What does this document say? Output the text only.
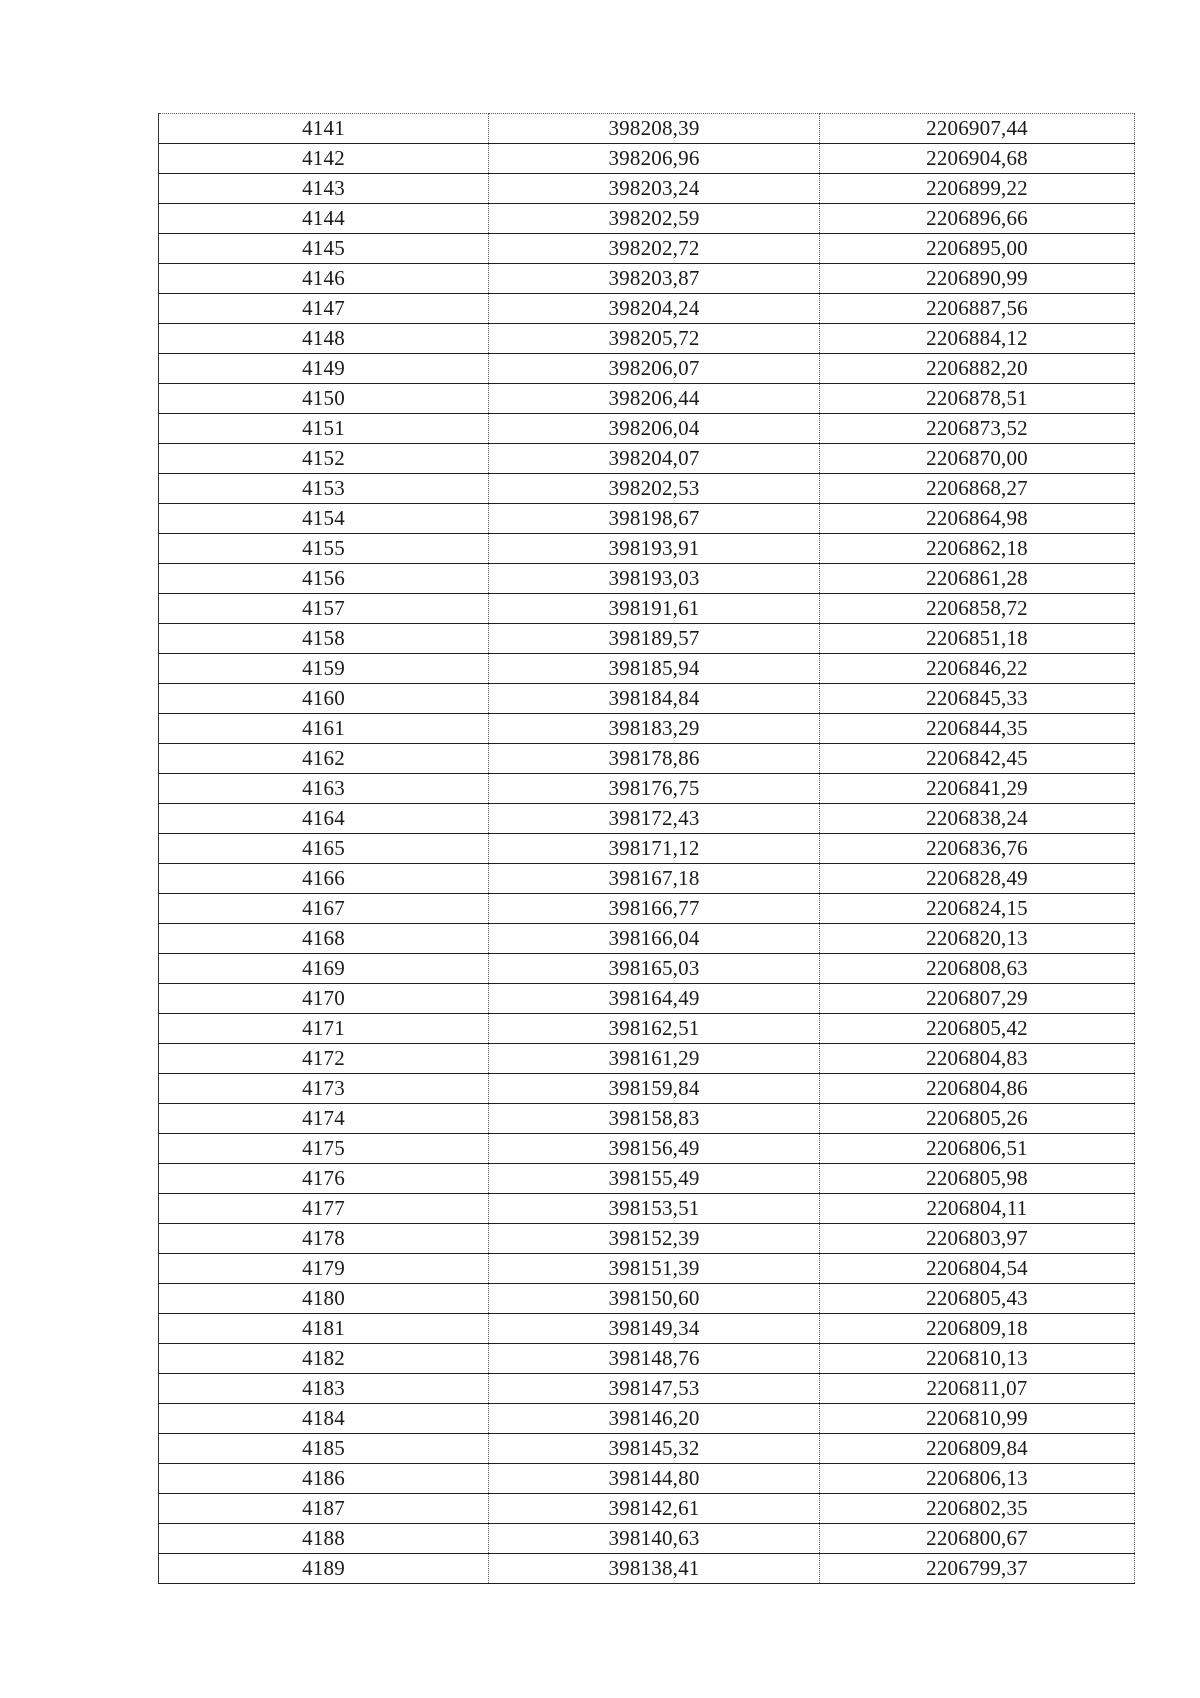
4141	398208,39	2206907,44
4142	398206,96	2206904,68
4143	398203,24	2206899,22
4144	398202,59	2206896,66
4145	398202,72	2206895,00
4146	398203,87	2206890,99
4147	398204,24	2206887,56
4148	398205,72	2206884,12
4149	398206,07	2206882,20
4150	398206,44	2206878,51
4151	398206,04	2206873,52
4152	398204,07	2206870,00
4153	398202,53	2206868,27
4154	398198,67	2206864,98
4155	398193,91	2206862,18
4156	398193,03	2206861,28
4157	398191,61	2206858,72
4158	398189,57	2206851,18
4159	398185,94	2206846,22
4160	398184,84	2206845,33
4161	398183,29	2206844,35
4162	398178,86	2206842,45
4163	398176,75	2206841,29
4164	398172,43	2206838,24
4165	398171,12	2206836,76
4166	398167,18	2206828,49
4167	398166,77	2206824,15
4168	398166,04	2206820,13
4169	398165,03	2206808,63
4170	398164,49	2206807,29
4171	398162,51	2206805,42
4172	398161,29	2206804,83
4173	398159,84	2206804,86
4174	398158,83	2206805,26
4175	398156,49	2206806,51
4176	398155,49	2206805,98
4177	398153,51	2206804,11
4178	398152,39	2206803,97
4179	398151,39	2206804,54
4180	398150,60	2206805,43
4181	398149,34	2206809,18
4182	398148,76	2206810,13
4183	398147,53	2206811,07
4184	398146,20	2206810,99
4185	398145,32	2206809,84
4186	398144,80	2206806,13
4187	398142,61	2206802,35
4188	398140,63	2206800,67
4189	398138,41	2206799,37
